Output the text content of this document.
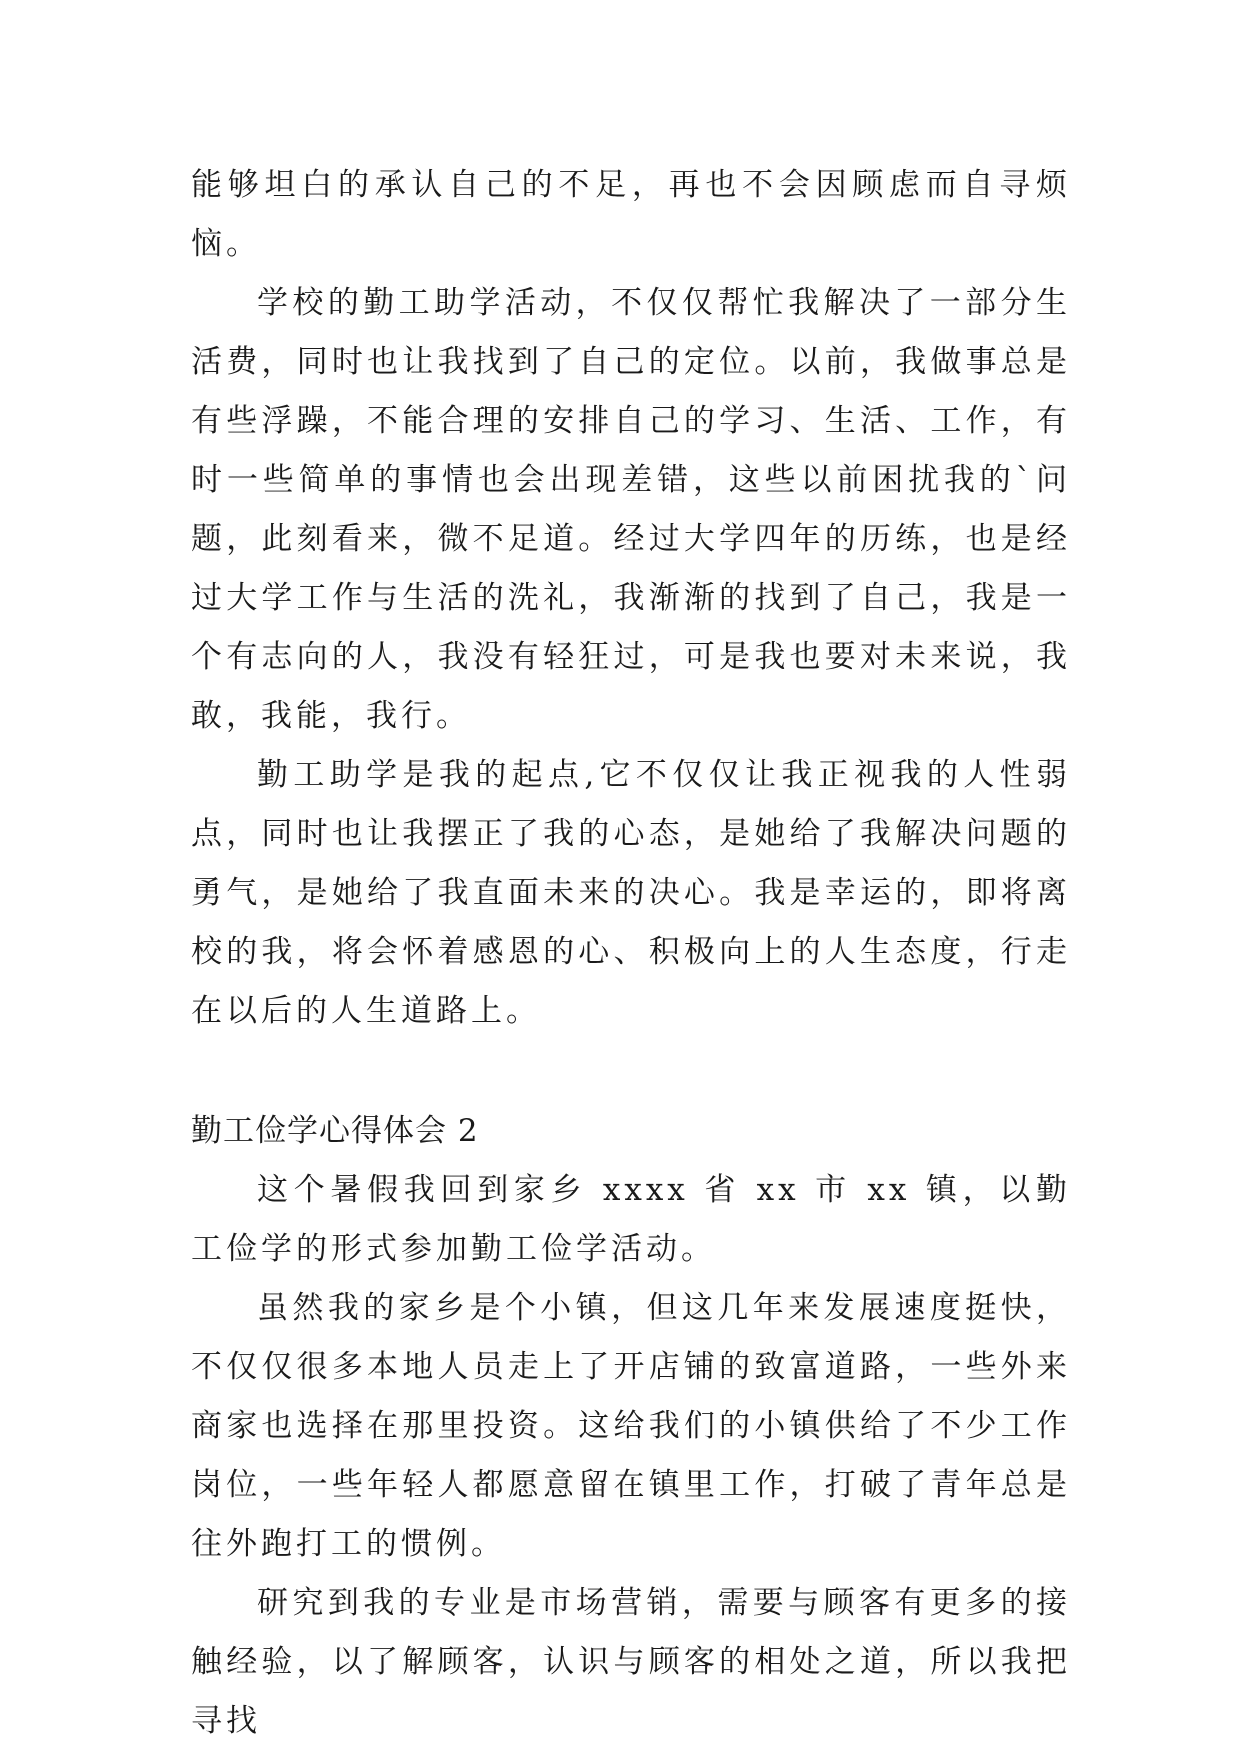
能够坦白的承认自己的不足，再也不会因顾虑而自寻烦恼。

学校的勤工助学活动，不仅仅帮忙我解决了一部分生活费，同时也让我找到了自己的定位。以前，我做事总是有些浮躁，不能合理的安排自己的学习、生活、工作，有时一些简单的事情也会出现差错，这些以前困扰我的`问题，此刻看来，微不足道。经过大学四年的历练，也是经过大学工作与生活的洗礼，我渐渐的找到了自己，我是一个有志向的人，我没有轻狂过，可是我也要对未来说，我敢，我能，我行。

勤工助学是我的起点,它不仅仅让我正视我的人性弱点，同时也让我摆正了我的心态，是她给了我解决问题的勇气，是她给了我直面未来的决心。我是幸运的，即将离校的我，将会怀着感恩的心、积极向上的人生态度，行走在以后的人生道路上。

勤工俭学心得体会 2

这个暑假我回到家乡 xxxx 省 xx 市 xx 镇，以勤工俭学的形式参加勤工俭学活动。

虽然我的家乡是个小镇，但这几年来发展速度挺快，不仅仅很多本地人员走上了开店铺的致富道路，一些外来商家也选择在那里投资。这给我们的小镇供给了不少工作岗位，一些年轻人都愿意留在镇里工作，打破了青年总是往外跑打工的惯例。

研究到我的专业是市场营销，需要与顾客有更多的接触经验，以了解顾客，认识与顾客的相处之道，所以我把寻找
